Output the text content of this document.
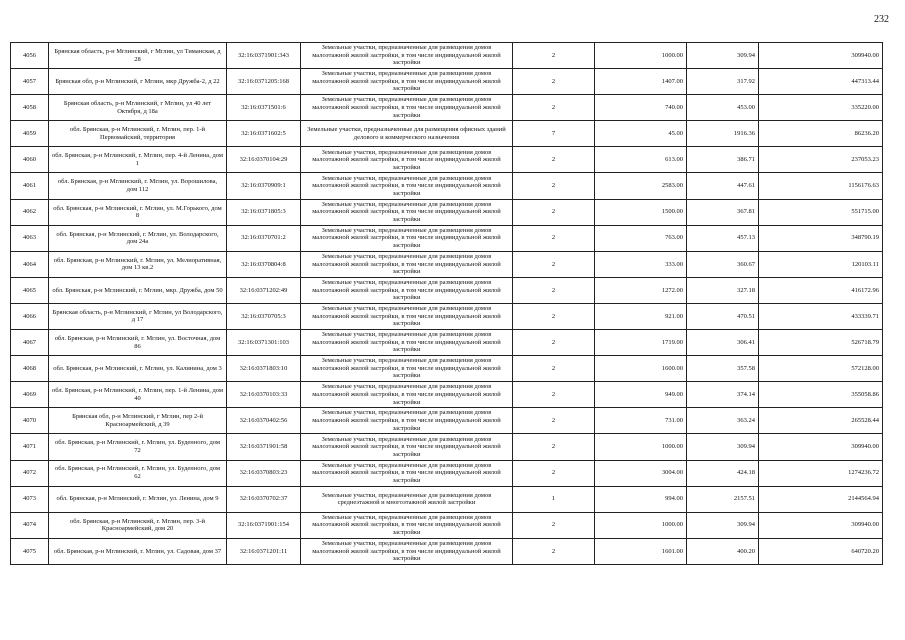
232
4056	Брянская область, р-н Мглинский, г Мглин, ул Тиманская, д 28	32:16:0371901:343	Земельные участки, предназначенные для размещения домов малоэтажной жилой застройки, в том числе индивидуальной жилой застройки	2	1000.00	309.94	309940.00
4057	Брянская обл, р-н Мглинский, г Мглин, мкр Дружба-2, д 22	32:16:0371205:168	Земельные участки, предназначенные для размещения домов малоэтажной жилой застройки, в том числе индивидуальной жилой застройки	2	1407.00	317.92	447313.44
4058	Брянская область, р-н Мглинский, г Мглин, ул 40 лет Октября, д 18а	32:16:0371501:6	Земельные участки, предназначенные для размещения домов малоэтажной жилой застройки, в том числе индивидуальной жилой застройки	2	740.00	453.00	335220.00
4059	обл. Брянская, р-н Мглинский, г. Мглин, пер. 1-й Первомайский, территория	32:16:0371602:5	Земельные участки, предназначенные для размещения офисных зданий делового и коммерческого назначения	7	45.00	1916.36	86236.20
4060	обл. Брянская, р-н Мглинский, г. Мглин, пер. 4-й Ленина, дом 1	32:16:0370104:29	Земельные участки, предназначенные для размещения домов малоэтажной жилой застройки, в том числе индивидуальной жилой застройки	2	613.00	386.71	237053.23
4061	обл. Брянская, р-н Мглинский, г. Мглин, ул. Ворошилова, дом 112	32:16:0370909:1	Земельные участки, предназначенные для размещения домов малоэтажной жилой застройки, в том числе индивидуальной жилой застройки	2	2583.00	447.61	1156176.63
4062	обл. Брянская, р-н Мглинский, г. Мглин, ул. М.Горького, дом 8	32:16:0371805:3	Земельные участки, предназначенные для размещения домов малоэтажной жилой застройки, в том числе индивидуальной жилой застройки	2	1500.00	367.81	551715.00
4063	обл. Брянская, р-н Мглинский, г. Мглин, ул. Володарского, дом 24а	32:16:0370701:2	Земельные участки, предназначенные для размещения домов малоэтажной жилой застройки, в том числе индивидуальной жилой застройки	2	763.00	457.13	348790.19
4064	обл. Брянская, р-н Мглинский, г. Мглин, ул. Мелиоративная, дом 13 кв.2	32:16:0370804:8	Земельные участки, предназначенные для размещения домов малоэтажной жилой застройки, в том числе индивидуальной жилой застройки	2	333.00	360.67	120103.11
4065	обл. Брянская, р-н Мглинский, г. Мглин, мкр. Дружба, дом 50	32:16:0371202:49	Земельные участки, предназначенные для размещения домов малоэтажной жилой застройки, в том числе индивидуальной жилой застройки	2	1272.00	327.18	416172.96
4066	Брянская область, р-н Мглинский, г Мглин, ул Володарского, д 17	32:16:0370705:3	Земельные участки, предназначенные для размещения домов малоэтажной жилой застройки, в том числе индивидуальной жилой застройки	2	921.00	470.51	433339.71
4067	обл. Брянская, р-н Мглинский, г. Мглин, ул. Восточная, дом 86	32:16:0371301:103	Земельные участки, предназначенные для размещения домов малоэтажной жилой застройки, в том числе индивидуальной жилой застройки	2	1719.00	306.41	526718.79
4068	обл. Брянская, р-н Мглинский, г. Мглин, ул. Калинина, дом 3	32:16:0371803:10	Земельные участки, предназначенные для размещения домов малоэтажной жилой застройки, в том числе индивидуальной жилой застройки	2	1600.00	357.58	572128.00
4069	обл. Брянская, р-н Мглинский, г. Мглин, пер. 1-й Ленина, дом 40	32:16:0370103:33	Земельные участки, предназначенные для размещения домов малоэтажной жилой застройки, в том числе индивидуальной жилой застройки	2	949.00	374.14	355058.86
4070	Брянская обл, р-н Мглинский, г Мглин, пер 2-й Красноармейский, д 39	32:16:0370402:56	Земельные участки, предназначенные для размещения домов малоэтажной жилой застройки, в том числе индивидуальной жилой застройки	2	731.00	363.24	265528.44
4071	обл. Брянская, р-н Мглинский, г. Мглин, ул. Буденного, дом 72	32:16:0371901:58	Земельные участки, предназначенные для размещения домов малоэтажной жилой застройки, в том числе индивидуальной жилой застройки	2	1000.00	309.94	309940.00
4072	обл. Брянская, р-н Мглинский, г. Мглин, ул. Буденного, дом 62	32:16:0370803:23	Земельные участки, предназначенные для размещения домов малоэтажной жилой застройки, в том числе индивидуальной жилой застройки	2	3004.00	424.18	1274236.72
4073	обл. Брянская, р-н Мглинский, г. Мглин, ул. Ленина, дом 9	32:16:0370702:37	Земельные участки, предназначенные для размещения домов среднеэтажной и многоэтажной жилой застройки	1	994.00	2157.51	2144564.94
4074	обл. Брянская, р-н Мглинский, г. Мглин, пер. 3-й Красноармейский, дом 20	32:16:0371901:154	Земельные участки, предназначенные для размещения домов малоэтажной жилой застройки, в том числе индивидуальной жилой застройки	2	1000.00	309.94	309940.00
4075	обл. Брянская, р-н Мглинский, г. Мглин, ул. Садовая, дом 37	32:16:0371201:11	Земельные участки, предназначенные для размещения домов малоэтажной жилой застройки, в том числе индивидуальной жилой застройки	2	1601.00	400.20	640720.20
